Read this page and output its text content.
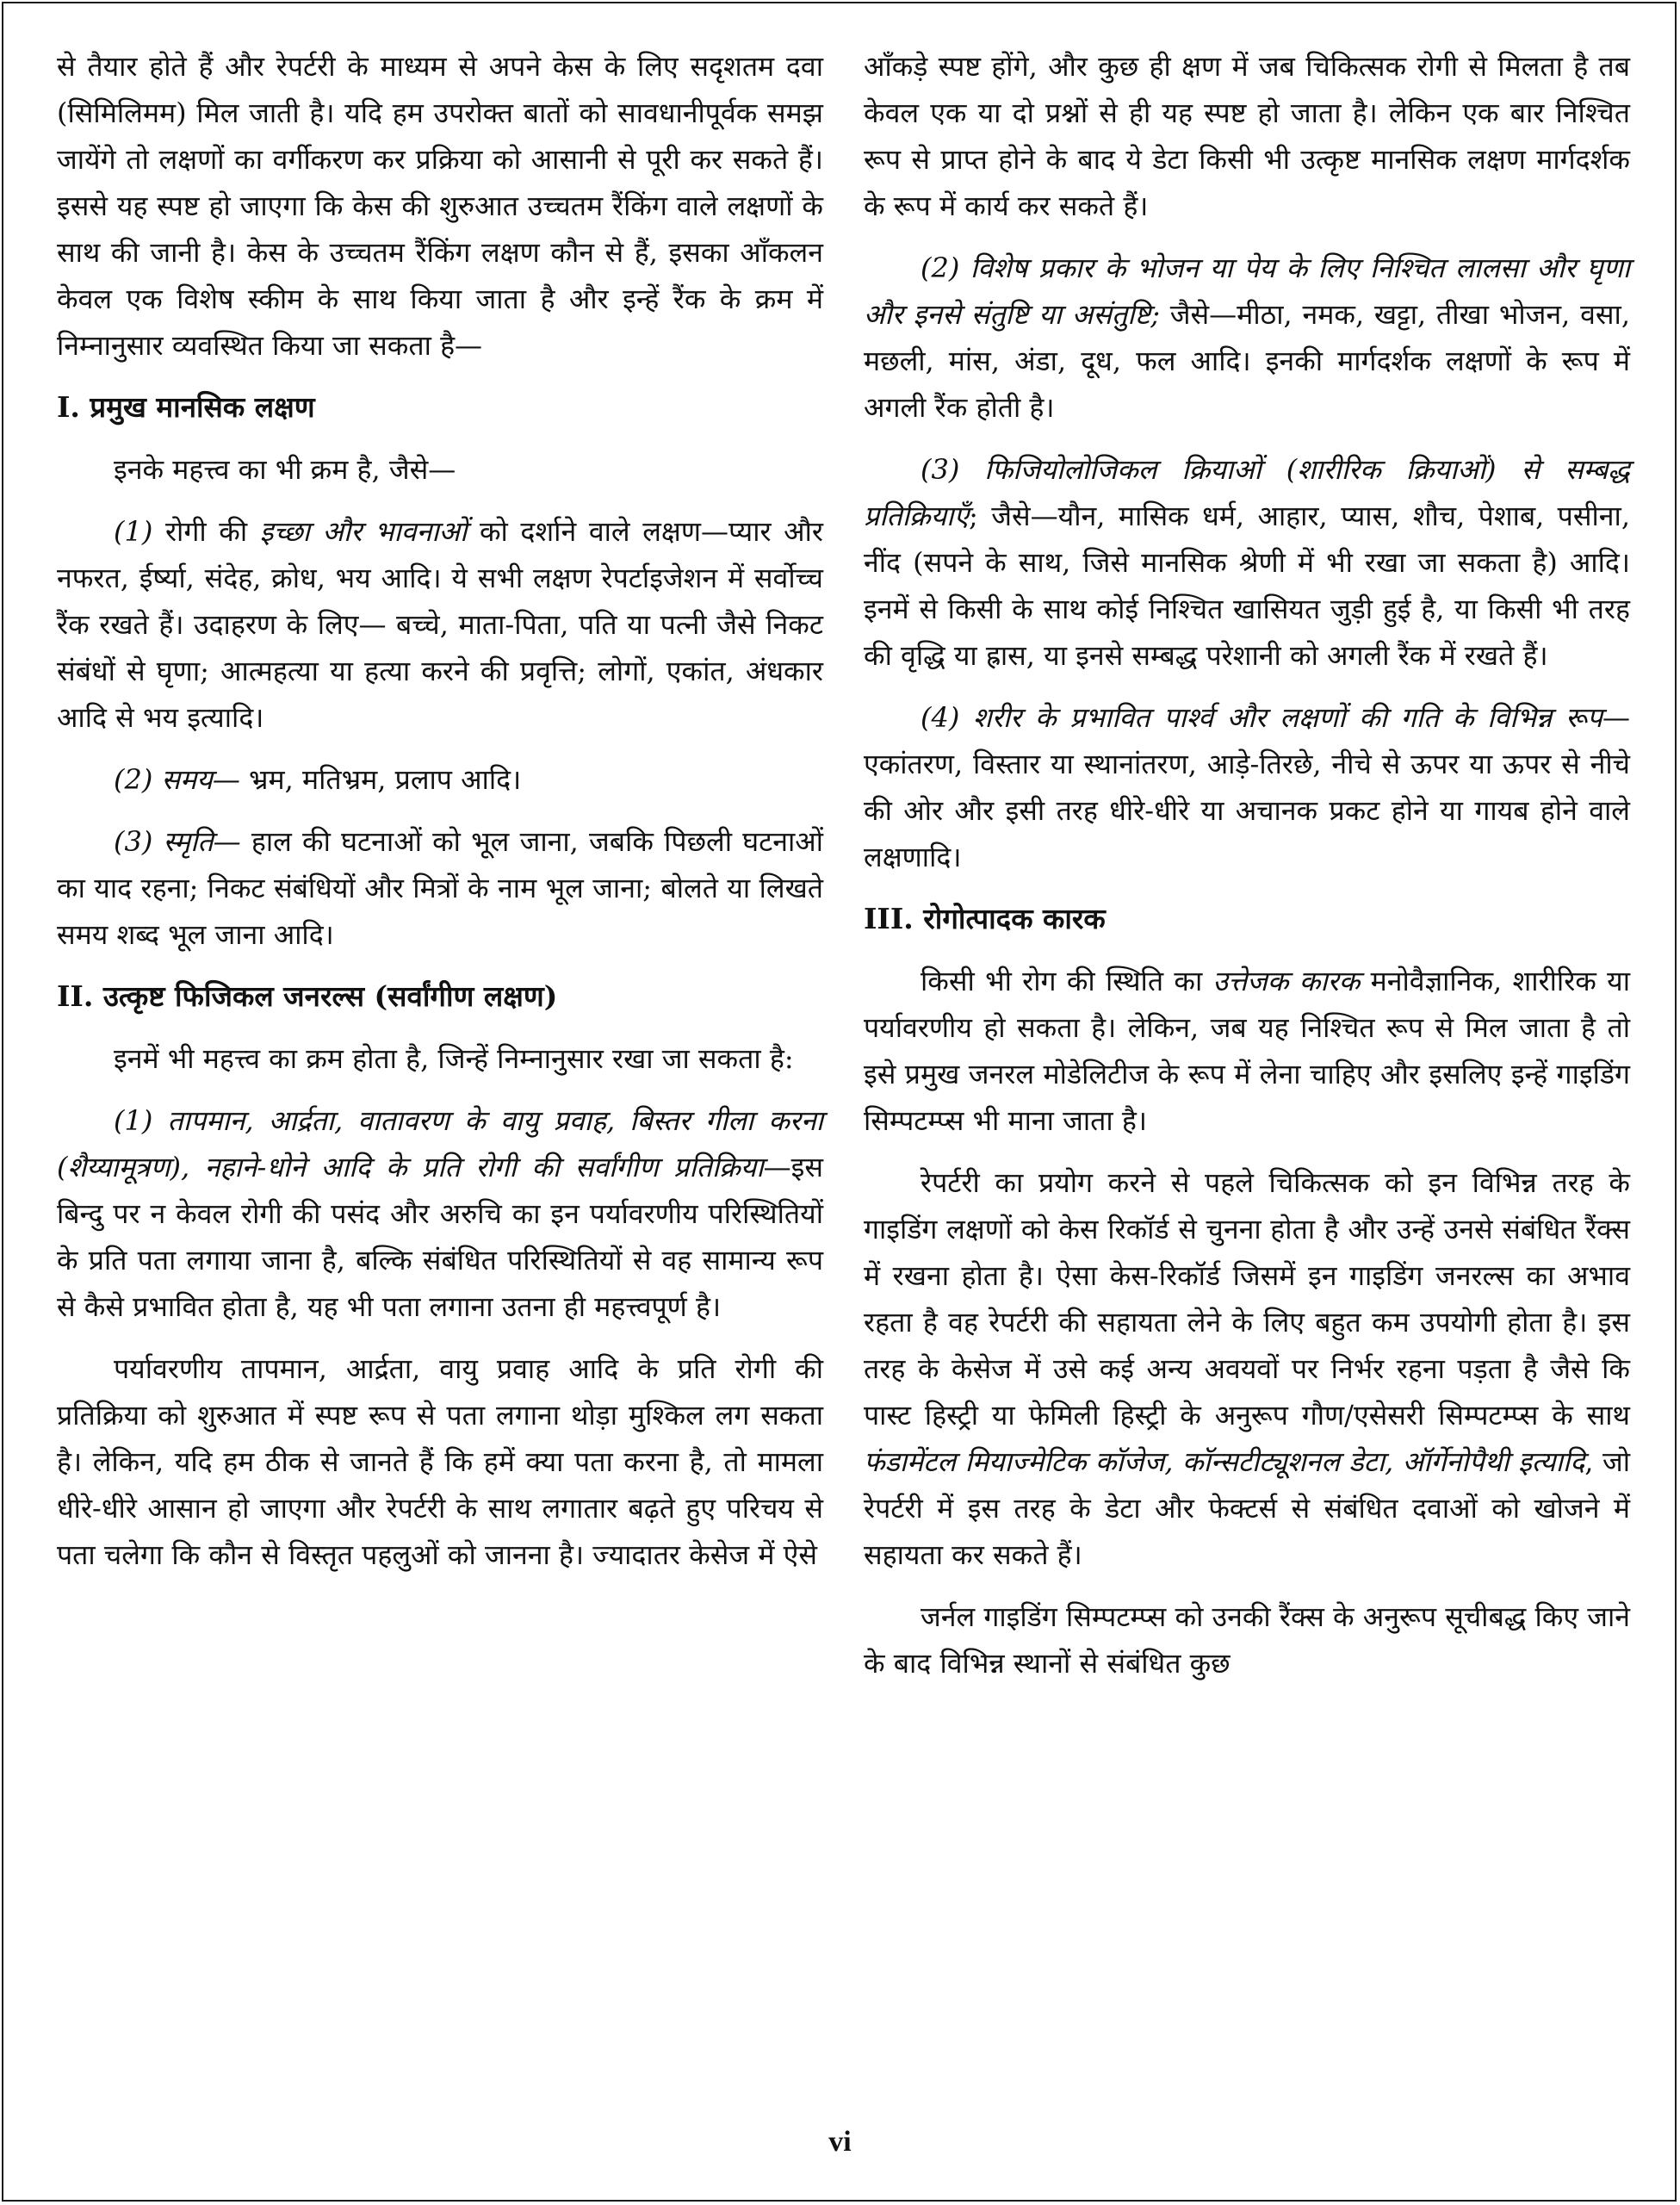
से तैयार होते हैं और रेपर्टरी के माध्यम से अपने केस के लिए सदृशतम दवा (सिमिलिमम) मिल जाती है। यदि हम उपरोक्त बातों को सावधानीपूर्वक समझ जायेंगे तो लक्षणों का वर्गीकरण कर प्रक्रिया को आसानी से पूरी कर सकते हैं। इससे यह स्पष्ट हो जाएगा कि केस की शुरुआत उच्चतम रैंकिंग वाले लक्षणों के साथ की जानी है। केस के उच्चतम रैंकिंग लक्षण कौन से हैं, इसका आँकलन केवल एक विशेष स्कीम के साथ किया जाता है और इन्हें रैंक के क्रम में निम्नानुसार व्यवस्थित किया जा सकता है—

I. प्रमुख मानसिक लक्षण

इनके महत्त्व का भी क्रम है, जैसे—

(1) रोगी की इच्छा और भावनाओं को दर्शाने वाले लक्षण—प्यार और नफरत, ईर्ष्या, संदेह, क्रोध, भय आदि। ये सभी लक्षण रेपर्टाइजेशन में सर्वोच्च रैंक रखते हैं। उदाहरण के लिए— बच्चे, माता-पिता, पति या पत्नी जैसे निकट संबंधों से घृणा; आत्महत्या या हत्या करने की प्रवृत्ति; लोगों, एकांत, अंधकार आदि से भय इत्यादि।

(2) समय— भ्रम, मतिभ्रम, प्रलाप आदि।

(3) स्मृति— हाल की घटनाओं को भूल जाना, जबकि पिछली घटनाओं का याद रहना; निकट संबंधियों और मित्रों के नाम भूल जाना; बोलते या लिखते समय शब्द भूल जाना आदि।

II. उत्कृष्ट फिजिकल जनरल्स (सर्वांगीण लक्षण)

इनमें भी महत्त्व का क्रम होता है, जिन्हें निम्नानुसार रखा जा सकता है:

(1) तापमान, आर्द्रता, वातावरण के वायु प्रवाह, बिस्तर गीला करना (शैय्यामूत्रण), नहाने-धोने आदि के प्रति रोगी की सर्वांगीण प्रतिक्रिया—इस बिन्दु पर न केवल रोगी की पसंद और अरुचि का इन पर्यावरणीय परिस्थितियों के प्रति पता लगाया जाना है, बल्कि संबंधित परिस्थितियों से वह सामान्य रूप से कैसे प्रभावित होता है, यह भी पता लगाना उतना ही महत्त्वपूर्ण है।

पर्यावरणीय तापमान, आर्द्रता, वायु प्रवाह आदि के प्रति रोगी की प्रतिक्रिया को शुरुआत में स्पष्ट रूप से पता लगाना थोड़ा मुश्किल लग सकता है। लेकिन, यदि हम ठीक से जानते हैं कि हमें क्या पता करना है, तो मामला धीरे-धीरे आसान हो जाएगा और रेपर्टरी के साथ लगातार बढ़ते हुए परिचय से पता चलेगा कि कौन से विस्तृत पहलुओं को जानना है। ज्यादातर केसेज में ऐसे

आँकड़े स्पष्ट होंगे, और कुछ ही क्षण में जब चिकित्सक रोगी से मिलता है तब केवल एक या दो प्रश्नों से ही यह स्पष्ट हो जाता है। लेकिन एक बार निश्चित रूप से प्राप्त होने के बाद ये डेटा किसी भी उत्कृष्ट मानसिक लक्षण मार्गदर्शक के रूप में कार्य कर सकते हैं।

(2) विशेष प्रकार के भोजन या पेय के लिए निश्चित लालसा और घृणा और इनसे संतुष्टि या असंतुष्टि; जैसे—मीठा, नमक, खट्टा, तीखा भोजन, वसा, मछली, मांस, अंडा, दूध, फल आदि। इनकी मार्गदर्शक लक्षणों के रूप में अगली रैंक होती है।

(3) फिजियोलोजिकल क्रियाओं (शारीरिक क्रियाओं) से सम्बद्ध प्रतिक्रियाएँ; जैसे—यौन, मासिक धर्म, आहार, प्यास, शौच, पेशाब, पसीना, नींद (सपने के साथ, जिसे मानसिक श्रेणी में भी रखा जा सकता है) आदि। इनमें से किसी के साथ कोई निश्चित खासियत जुड़ी हुई है, या किसी भी तरह की वृद्धि या ह्रास, या इनसे सम्बद्ध परेशानी को अगली रैंक में रखते हैं।

(4) शरीर के प्रभावित पार्श्व और लक्षणों की गति के विभिन्न रूप—एकांतरण, विस्तार या स्थानांतरण, आड़े-तिरछे, नीचे से ऊपर या ऊपर से नीचे की ओर और इसी तरह धीरे-धीरे या अचानक प्रकट होने या गायब होने वाले लक्षणादि।

III. रोगोत्पादक कारक

किसी भी रोग की स्थिति का उत्तेजक कारक मनोवैज्ञानिक, शारीरिक या पर्यावरणीय हो सकता है। लेकिन, जब यह निश्चित रूप से मिल जाता है तो इसे प्रमुख जनरल मोडेलिटीज के रूप में लेना चाहिए और इसलिए इन्हें गाइडिंग सिम्पटम्प्स भी माना जाता है।

रेपर्टरी का प्रयोग करने से पहले चिकित्सक को इन विभिन्न तरह के गाइडिंग लक्षणों को केस रिकॉर्ड से चुनना होता है और उन्हें उनसे संबंधित रैंक्स में रखना होता है। ऐसा केस-रिकॉर्ड जिसमें इन गाइडिंग जनरल्स का अभाव रहता है वह रेपर्टरी की सहायता लेने के लिए बहुत कम उपयोगी होता है। इस तरह के केसेज में उसे कई अन्य अवयवों पर निर्भर रहना पड़ता है जैसे कि पास्ट हिस्ट्री या फेमिली हिस्ट्री के अनुरूप गौण/एसेसरी सिम्पटम्प्स के साथ फंडामेंटल मियाज्मेटिक कॉजेज, कॉन्सटीट्यूशनल डेटा, ऑर्गेनोपैथी इत्यादि, जो रेपर्टरी में इस तरह के डेटा और फेक्टर्स से संबंधित दवाओं को खोजने में सहायता कर सकते हैं।

जर्नल गाइडिंग सिम्पटम्प्स को उनकी रैंक्स के अनुरूप सूचीबद्ध किए जाने के बाद विभिन्न स्थानों से संबंधित कुछ

vi
